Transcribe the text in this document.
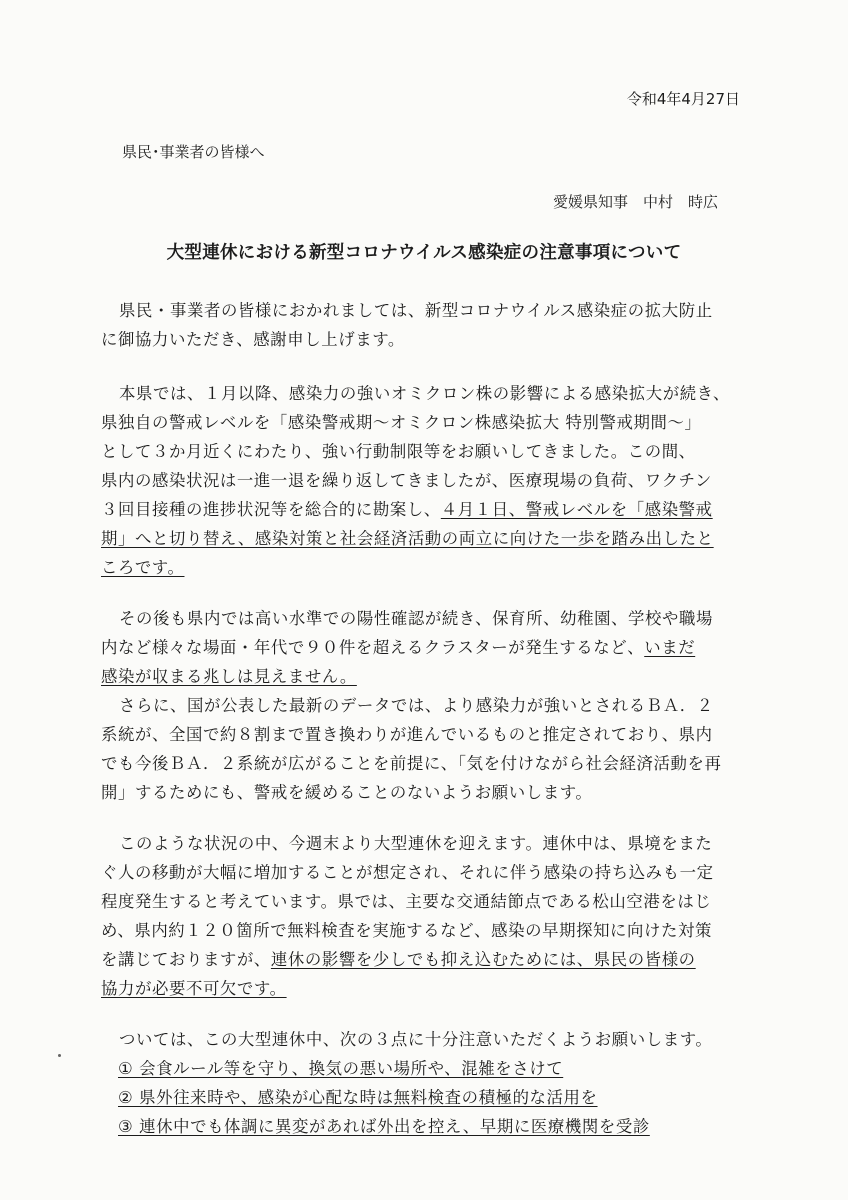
令和4年4月27日
県民･事業者の皆様へ
愛媛県知事　中村　時広
大型連休における新型コロナウイルス感染症の注意事項について
県民・事業者の皆様におかれましては、新型コロナウイルス感染症の拡大防止
に御協力いただき、感謝申し上げます。
本県では、１月以降、感染力の強いオミクロン株の影響による感染拡大が続き、
県独自の警戒レベルを「感染警戒期～オミクロン株感染拡大 特別警戒期間～」
として３か月近くにわたり、強い行動制限等をお願いしてきました。この間、
県内の感染状況は一進一退を繰り返してきましたが、医療現場の負荷、ワクチン
３回目接種の進捗状況等を総合的に勘案し、４月１日、警戒レベルを「感染警戒
期」へと切り替え、感染対策と社会経済活動の両立に向けた一歩を踏み出したと
ころです。
その後も県内では高い水準での陽性確認が続き、保育所、幼稚園、学校や職場
内など様々な場面・年代で９０件を超えるクラスターが発生するなど、いまだ
感染が収まる兆しは見えません。
さらに、国が公表した最新のデータでは、より感染力が強いとされるＢＡ．２
系統が、全国で約８割まで置き換わりが進んでいるものと推定されており、県内
でも今後ＢＡ．２系統が広がることを前提に、「気を付けながら社会経済活動を再
開」するためにも、警戒を緩めることのないようお願いします。
このような状況の中、今週末より大型連休を迎えます。連休中は、県境をまた
ぐ人の移動が大幅に増加することが想定され、それに伴う感染の持ち込みも一定
程度発生すると考えています。県では、主要な交通結節点である松山空港をはじ
め、県内約１２０箇所で無料検査を実施するなど、感染の早期探知に向けた対策
を講じておりますが、連休の影響を少しでも抑え込むためには、県民の皆様の
協力が必要不可欠です。
ついては、この大型連休中、次の３点に十分注意いただくようお願いします。
① 会食ルール等を守り、換気の悪い場所や、混雑をさけて
② 県外往来時や、感染が心配な時は無料検査の積極的な活用を
③ 連休中でも体調に異変があれば外出を控え、早期に医療機関を受診
